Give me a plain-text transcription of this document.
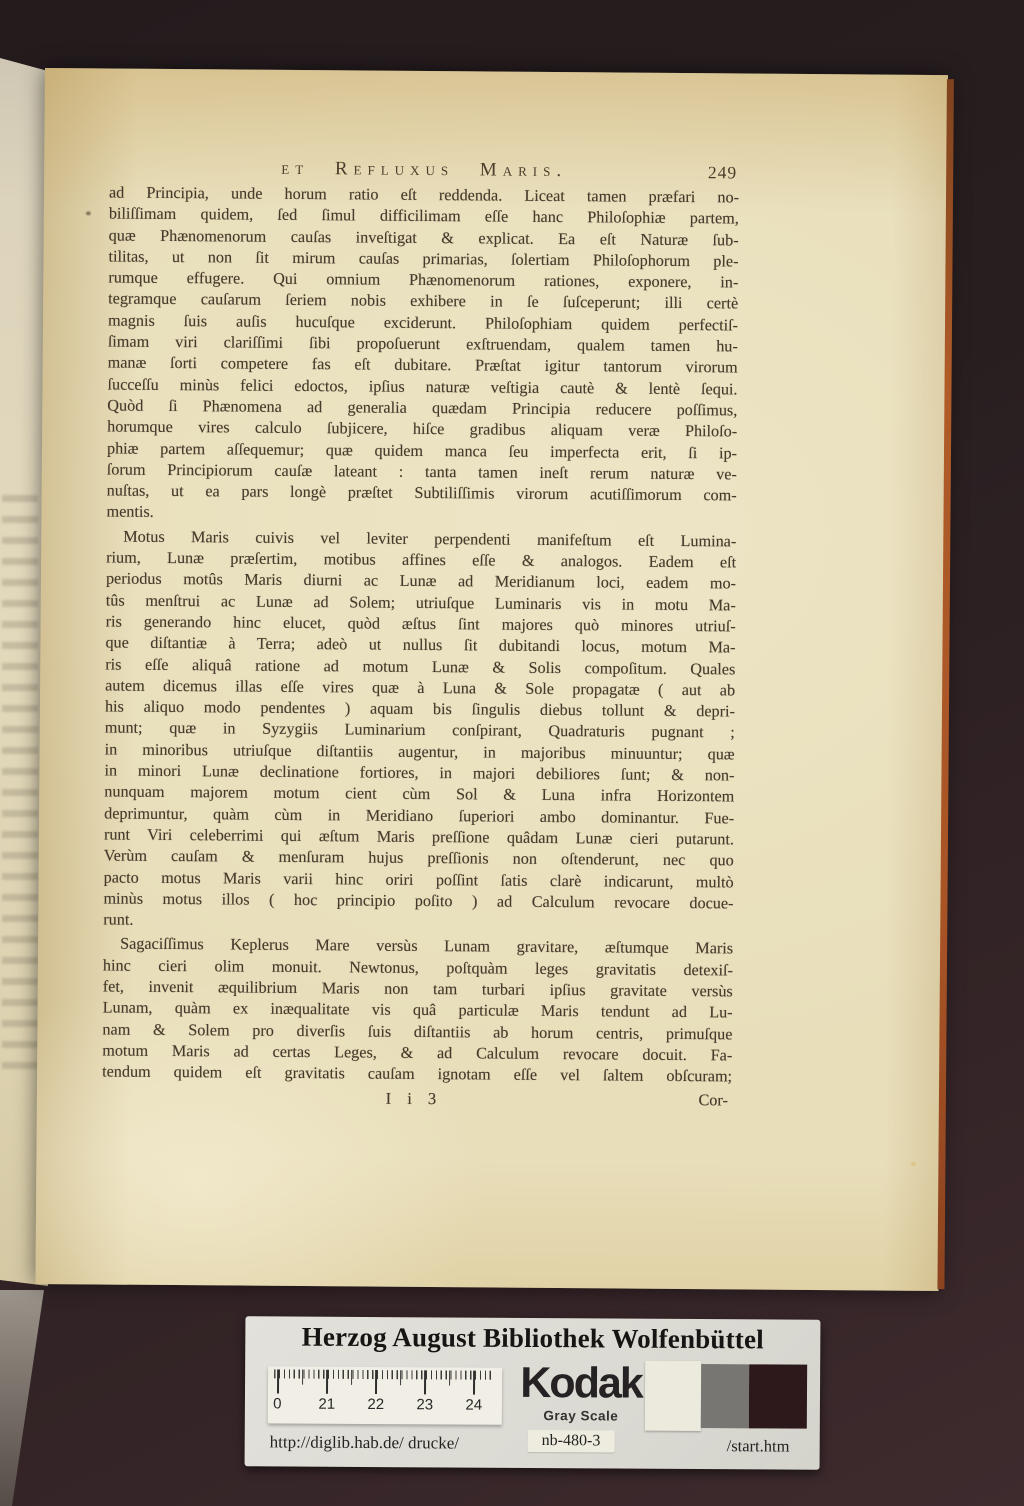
et Refluxus Maris.	249
ad Principia, unde horum ratio eſt reddenda. Liceat tamen præfari no-
biliſſimam quidem, ſed ſimul difficilimam eſſe hanc Philoſophiæ partem,
quæ Phænomenorum cauſas inveſtigat & explicat. Ea eſt Naturæ ſub-
tilitas, ut non ſit mirum cauſas primarias, ſolertiam Philoſophorum ple-
rumque effugere. Qui omnium Phænomenorum rationes, exponere, in-
tegramque cauſarum ſeriem nobis exhibere in ſe ſuſceperunt; illi certè
magnis ſuis auſis hucuſque exciderunt. Philoſophiam quidem perfectiſ-
ſimam viri clariſſimi ſibi propoſuerunt exſtruendam, qualem tamen hu-
manæ ſorti competere fas eſt dubitare. Præſtat igitur tantorum virorum
ſucceſſu minùs felici edoctos, ipſius naturæ veſtigia cautè & lentè ſequi.
Quòd ſi Phænomena ad generalia quædam Principia reducere poſſimus,
horumque vires calculo ſubjicere, hiſce gradibus aliquam veræ Philoſo-
phiæ partem aſſequemur; quæ quidem manca ſeu imperfecta erit, ſi ip-
ſorum Principiorum cauſæ lateant : tanta tamen ineſt rerum naturæ ve-
nuſtas, ut ea pars longè præſtet Subtiliſſimis virorum acutiſſimorum com-
mentis.
Motus Maris cuivis vel leviter perpendenti manifeſtum eſt Lumina-
rium, Lunæ præſertim, motibus affines eſſe & analogos. Eadem eſt
periodus motûs Maris diurni ac Lunæ ad Meridianum loci, eadem mo-
tûs menſtrui ac Lunæ ad Solem; utriuſque Luminaris vis in motu Ma-
ris generando hinc elucet, quòd æſtus ſint majores quò minores utriuſ-
que diſtantiæ à Terra; adeò ut nullus ſit dubitandi locus, motum Ma-
ris eſſe aliquâ ratione ad motum Lunæ & Solis compoſitum. Quales
autem dicemus illas eſſe vires quæ à Luna & Sole propagatæ ( aut ab
his aliquo modo pendentes ) aquam bis ſingulis diebus tollunt & depri-
munt; quæ in Syzygiis Luminarium conſpirant, Quadraturis pugnant ;
in minoribus utriuſque diſtantiis augentur, in majoribus minuuntur; quæ
in minori Lunæ declinatione fortiores, in majori debiliores ſunt; & non-
nunquam majorem motum cient cùm Sol & Luna infra Horizontem
deprimuntur, quàm cùm in Meridiano ſuperiori ambo dominantur. Fue-
runt Viri celeberrimi qui æſtum Maris preſſione quâdam Lunæ cieri putarunt.
Verùm cauſam & menſuram hujus preſſionis non oſtenderunt, nec quo
pacto motus Maris varii hinc oriri poſſint ſatis clarè indicarunt, multò
minùs motus illos ( hoc principio poſito ) ad Calculum revocare docue-
runt.
Sagaciſſimus Keplerus Mare versùs Lunam gravitare, æſtumque Maris
hinc cieri olim monuit. Newtonus, poſtquàm leges gravitatis detexiſ-
fet, invenit æquilibrium Maris non tam turbari ipſius gravitate versùs
Lunam, quàm ex inæqualitate vis quâ particulæ Maris tendunt ad Lu-
nam & Solem pro diverſis ſuis diſtantiis ab horum centris, primuſque
motum Maris ad certas Leges, & ad Calculum revocare docuit. Fa-
tendum quidem eſt gravitatis cauſam ignotam eſſe vel ſaltem obſcuram;
I i 3	Cor-
Herzog August Bibliothek Wolfenbüttel
0 21 22 23 24 Kodak
Gray Scale
http://diglib.hab.de/ drucke/	nb-480-3	/start.htm
